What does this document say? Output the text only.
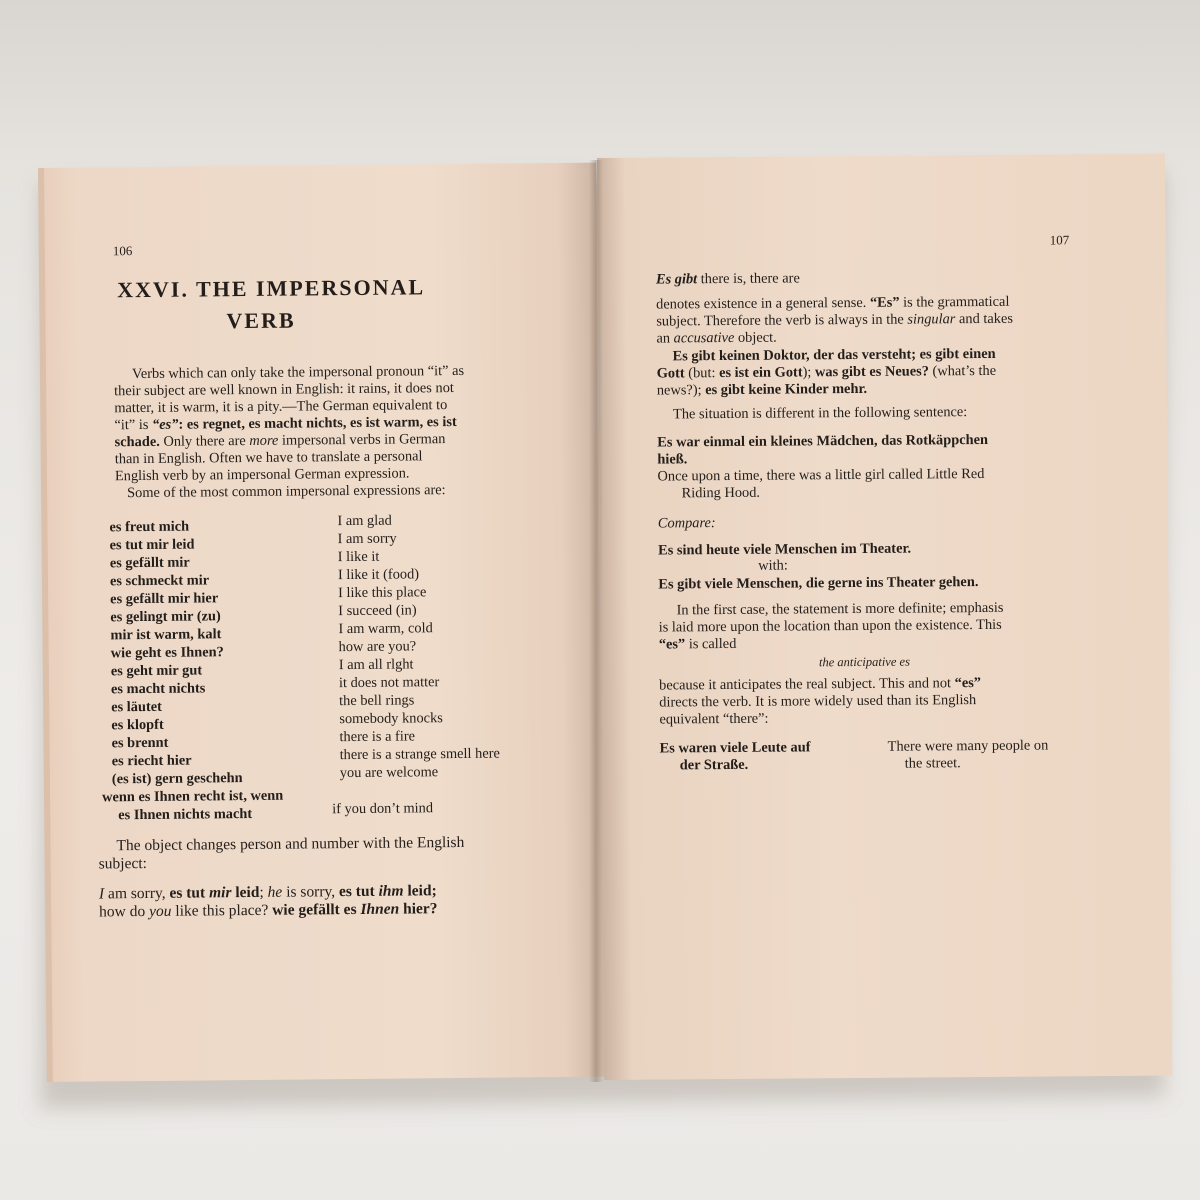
106
XXVI. THE IMPERSONAL
VERB
Verbs which can only take the impersonal pronoun “it” as
their subject are well known in English: it rains, it does not
matter, it is warm, it is a pity.—The German equivalent to
“it” is “es”: es regnet, es macht nichts, es ist warm, es ist
schade. Only there are more impersonal verbs in German
than in English. Often we have to translate a personal
English verb by an impersonal German expression.
Some of the most common impersonal expressions are:
es freut mich	I am glad
es tut mir leid	I am sorry
es gefällt mir	I like it
es schmeckt mir	I like it (food)
es gefällt mir hier	I like this place
es gelingt mir (zu)	I succeed (in)
mir ist warm, kalt	I am warm, cold
wie geht es Ihnen?	how are you?
es geht mir gut	I am all rlght
es macht nichts	it does not matter
es läutet	the bell rings
es klopft	somebody knocks
es brennt	there is a fire
es riecht hier	there is a strange smell here
(es ist) gern geschehn	you are welcome
wenn es Ihnen recht ist, wenn
es Ihnen nichts macht	if you don’t mind
The object changes person and number with the English
subject:
I am sorry, es tut mir leid; he is sorry, es tut ihm leid;
how do you like this place? wie gefällt es Ihnen hier?
107
Es gibt there is, there are
denotes existence in a general sense. “Es” is the grammatical
subject. Therefore the verb is always in the singular and takes
an accusative object.
Es gibt keinen Doktor, der das versteht; es gibt einen
Gott (but: es ist ein Gott); was gibt es Neues? (what’s the
news?); es gibt keine Kinder mehr.
The situation is different in the following sentence:
Es war einmal ein kleines Mädchen, das Rotkäppchen
hieß.
Once upon a time, there was a little girl called Little Red
Riding Hood.
Compare:
Es sind heute viele Menschen im Theater.
with:
Es gibt viele Menschen, die gerne ins Theater gehen.
In the first case, the statement is more definite; emphasis
is laid more upon the location than upon the existence. This
“es” is called
the anticipative es
because it anticipates the real subject. This and not “es”
directs the verb. It is more widely used than its English
equivalent “there”:
Es waren viele Leute auf
der Straße.
There were many people on
the street.
